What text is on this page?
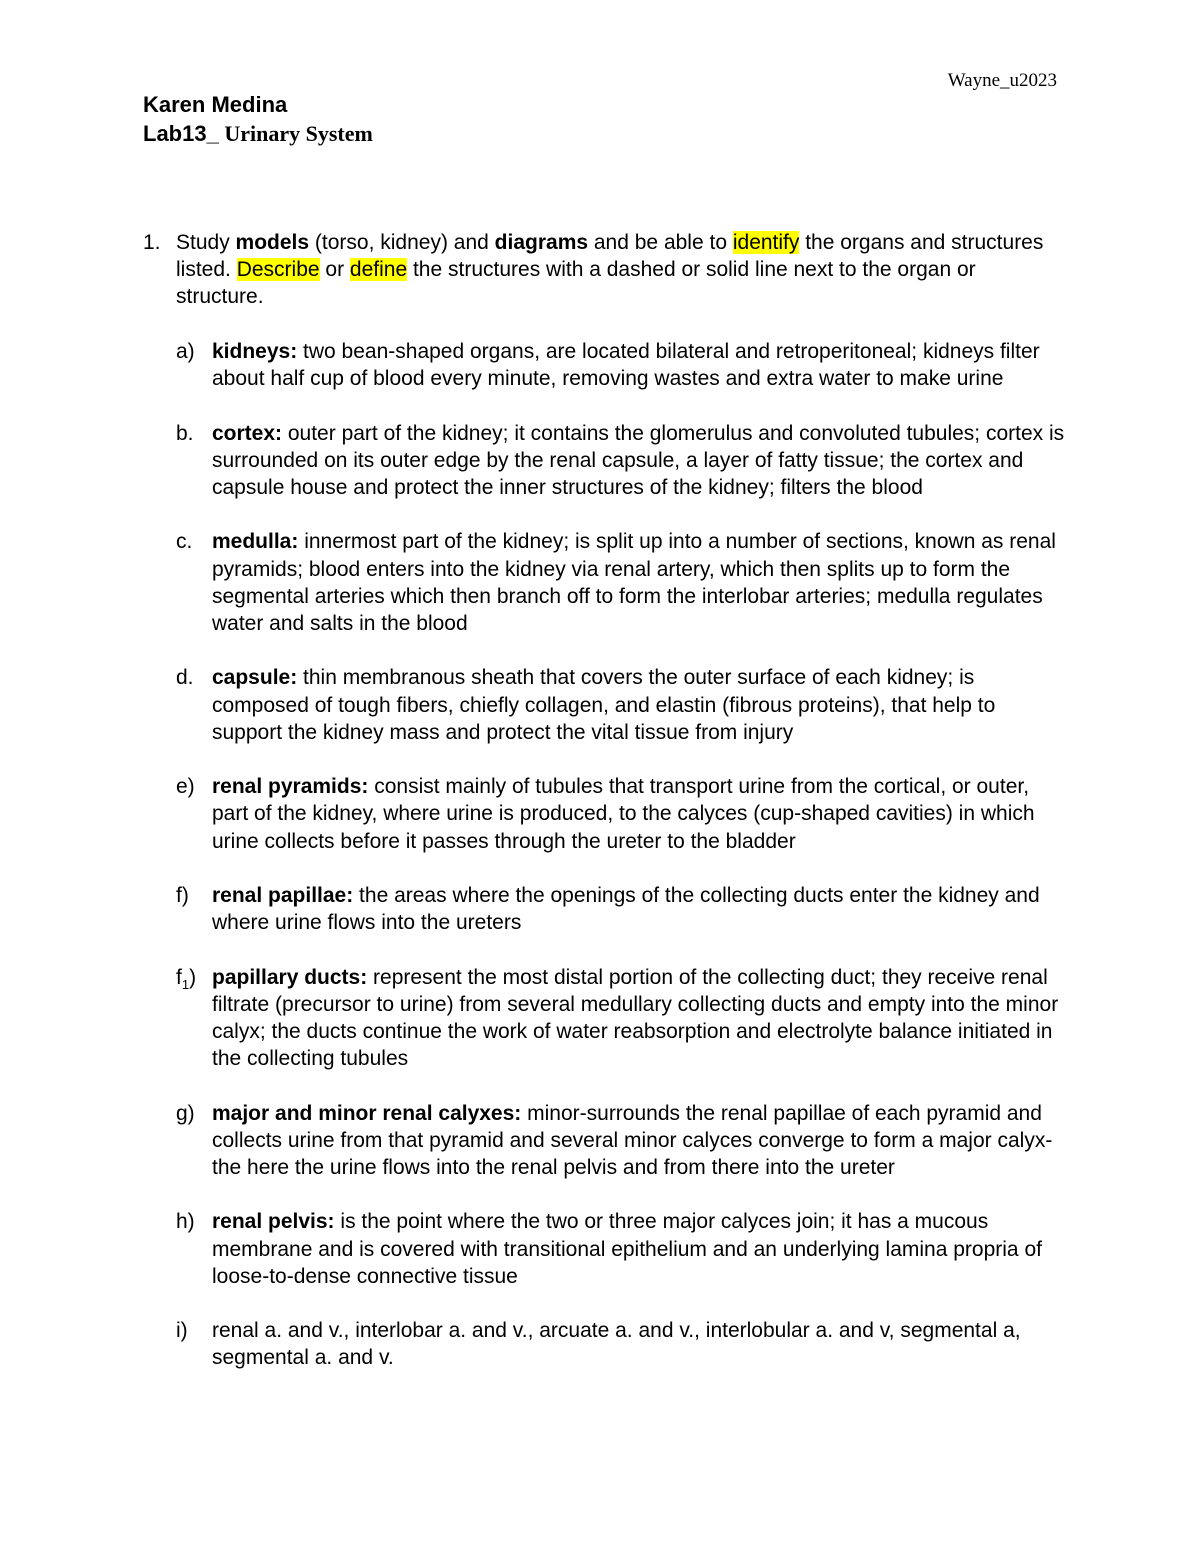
Wayne_u2023
Karen Medina
Lab13_ Urinary System
1. Study models (torso, kidney) and diagrams and be able to identify the organs and structures listed. Describe or define the structures with a dashed or solid line next to the organ or structure.
a) kidneys: two bean-shaped organs, are located bilateral and retroperitoneal; kidneys filter about half cup of blood every minute, removing wastes and extra water to make urine
b. cortex: outer part of the kidney; it contains the glomerulus and convoluted tubules; cortex is surrounded on its outer edge by the renal capsule, a layer of fatty tissue; the cortex and capsule house and protect the inner structures of the kidney; filters the blood
c. medulla: innermost part of the kidney; is split up into a number of sections, known as renal pyramids; blood enters into the kidney via renal artery, which then splits up to form the segmental arteries which then branch off to form the interlobar arteries; medulla regulates water and salts in the blood
d. capsule: thin membranous sheath that covers the outer surface of each kidney; is composed of tough fibers, chiefly collagen, and elastin (fibrous proteins), that help to support the kidney mass and protect the vital tissue from injury
e) renal pyramids: consist mainly of tubules that transport urine from the cortical, or outer, part of the kidney, where urine is produced, to the calyces (cup-shaped cavities) in which urine collects before it passes through the ureter to the bladder
f) renal papillae: the areas where the openings of the collecting ducts enter the kidney and where urine flows into the ureters
$f_1$) papillary ducts: represent the most distal portion of the collecting duct; they receive renal filtrate (precursor to urine) from several medullary collecting ducts and empty into the minor calyx; the ducts continue the work of water reabsorption and electrolyte balance initiated in the collecting tubules
g) major and minor renal calyxes: minor-surrounds the renal papillae of each pyramid and collects urine from that pyramid and several minor calyces converge to form a major calyx-the here the urine flows into the renal pelvis and from there into the ureter
h) renal pelvis: is the point where the two or three major calyces join; it has a mucous membrane and is covered with transitional epithelium and an underlying lamina propria of loose-to-dense connective tissue
i) renal a. and v., interlobar a. and v., arcuate a. and v., interlobular a. and v, segmental a, segmental a. and v.
